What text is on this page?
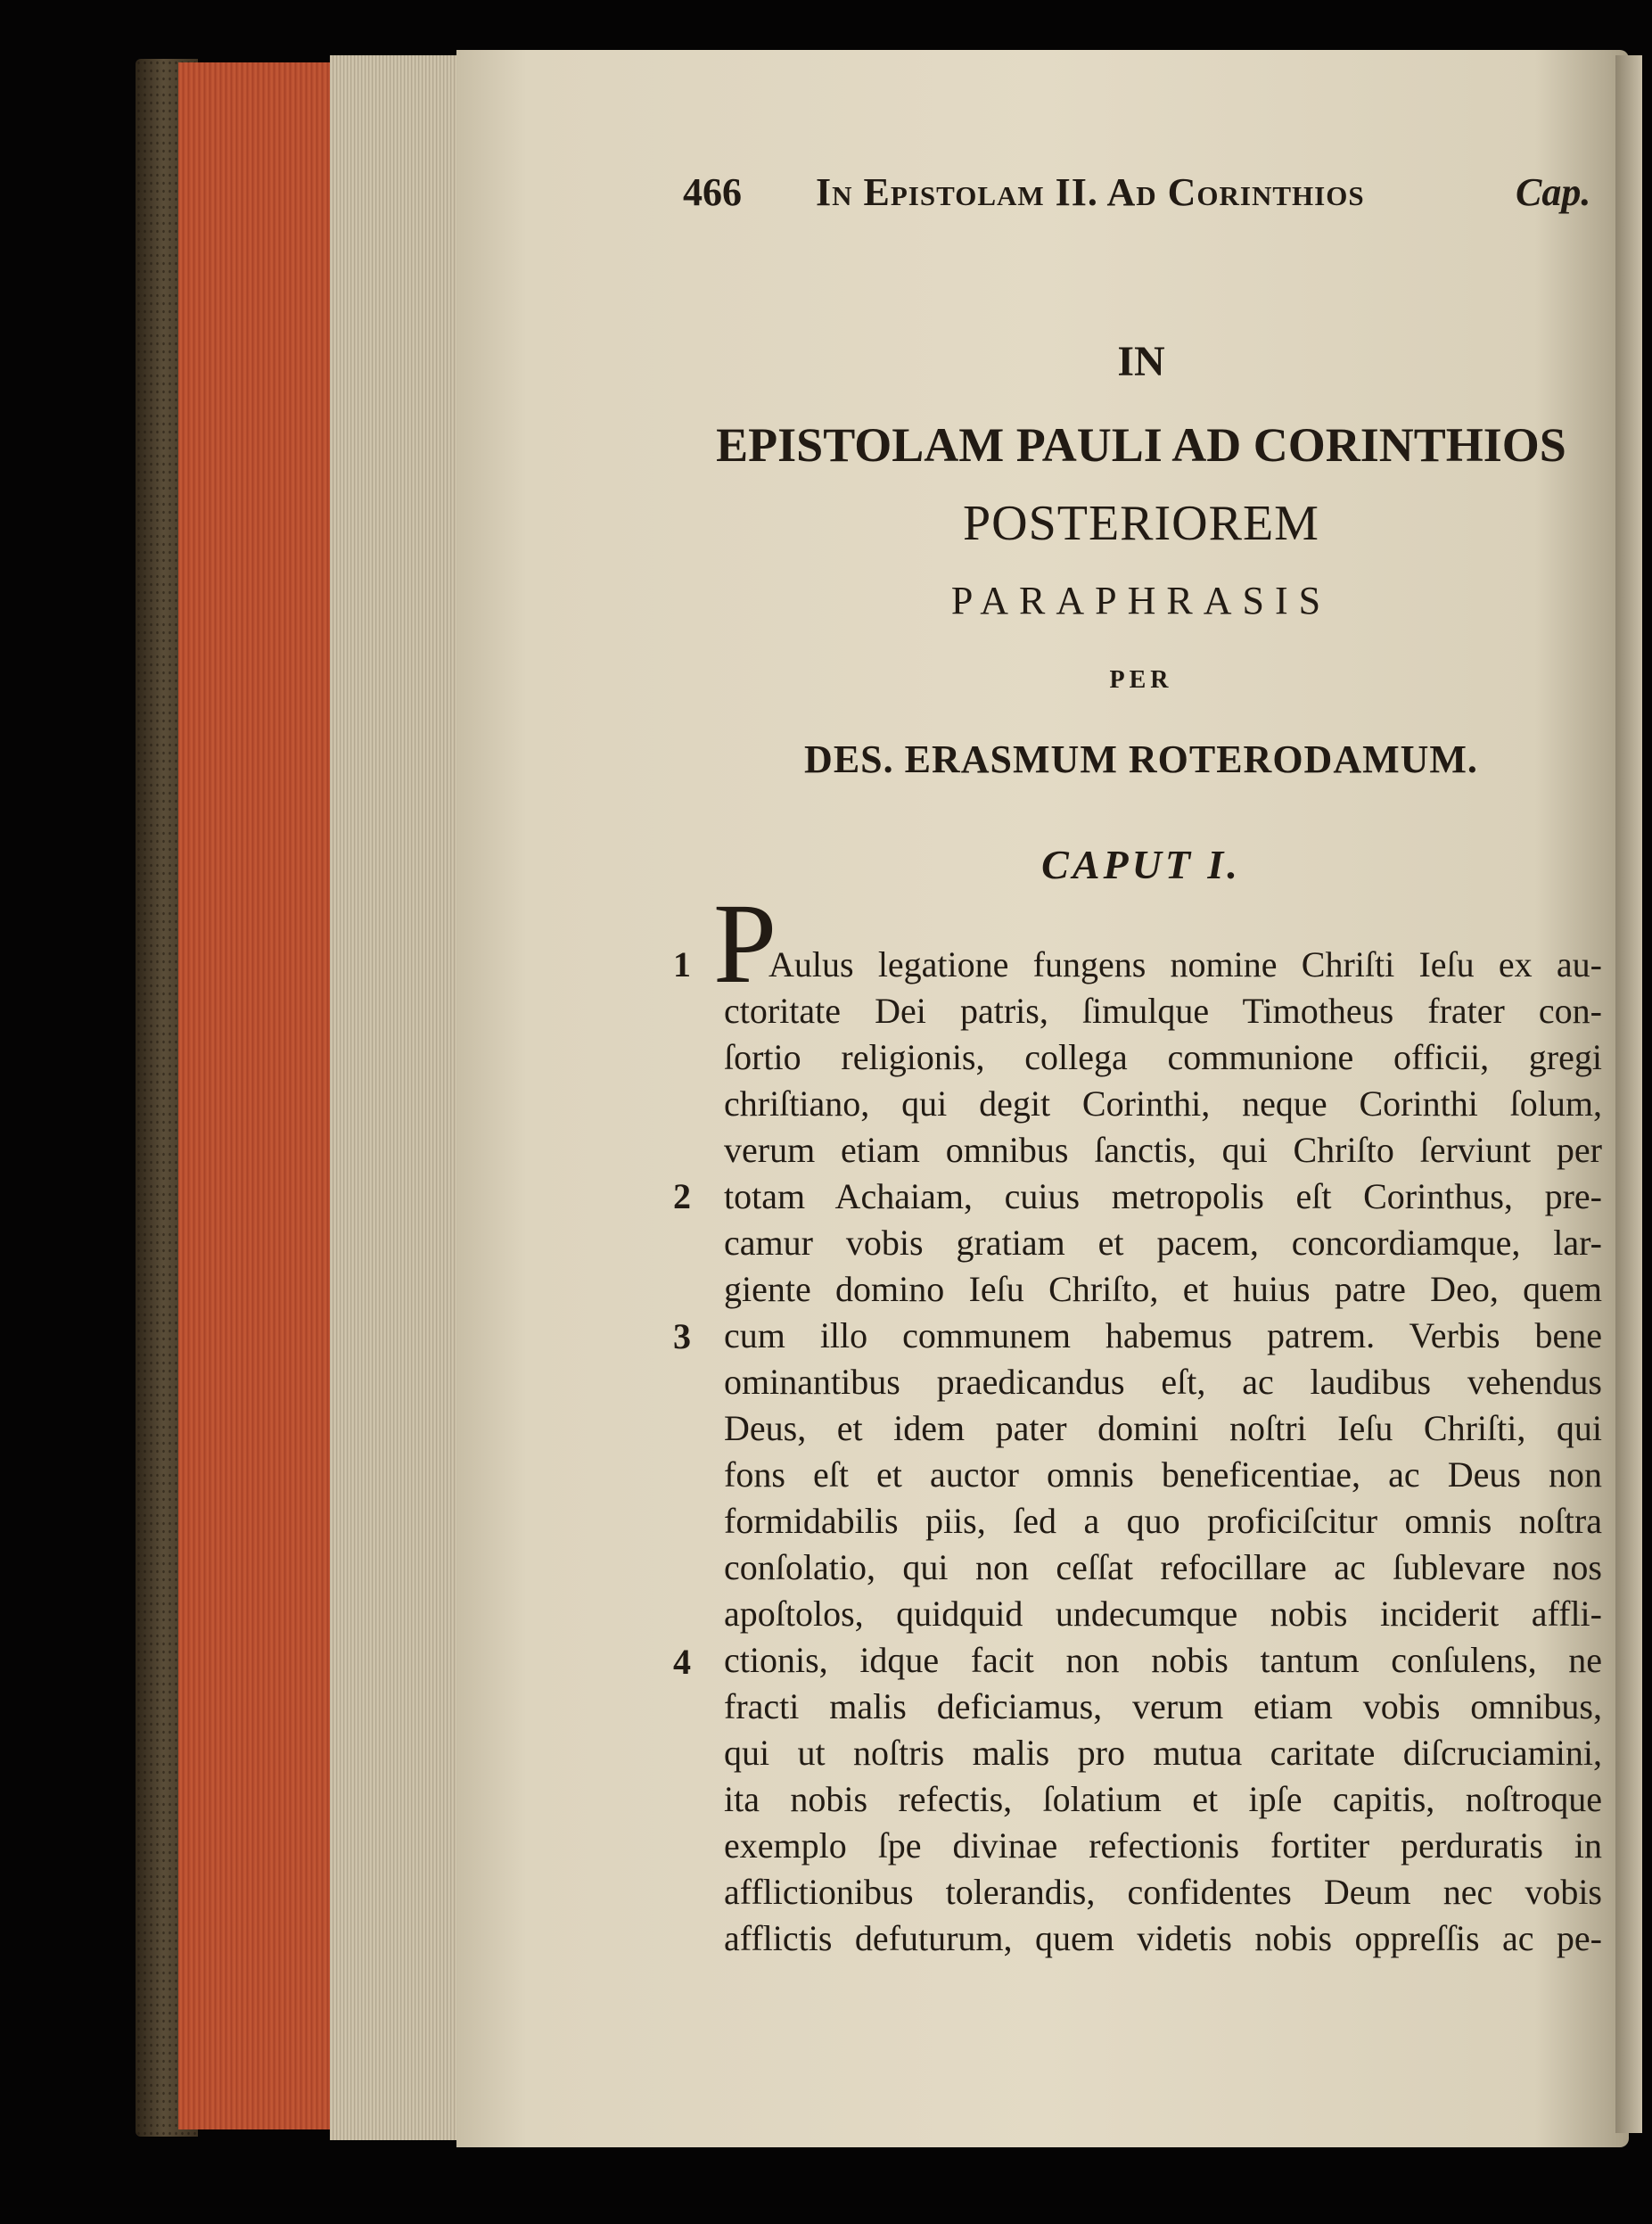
466 In Epistolam II. Ad Corinthios	Cap.
IN
EPISTOLAM PAULI AD CORINTHIOS
POSTERIOREM
PARAPHRASIS
PER
DES. ERASMUM ROTERODAMUM.
CAPUT I.
P
1
2
3
4
Aulus legatione fungens nomine Chriſti Ieſu ex au-
ctoritate Dei patris, ſimulque Timotheus frater con-
ſortio religionis, collega communione officii, gregi
chriſtiano, qui degit Corinthi, neque Corinthi ſolum,
verum etiam omnibus ſanctis, qui Chriſto ſerviunt per
totam Achaiam, cuius metropolis eſt Corinthus, pre-
camur vobis gratiam et pacem, concordiamque, lar-
giente domino Ieſu Chriſto, et huius patre Deo, quem
cum illo communem habemus patrem. Verbis bene
ominantibus praedicandus eſt, ac laudibus vehendus
Deus, et idem pater domini noſtri Ieſu Chriſti, qui
fons eſt et auctor omnis beneficentiae, ac Deus non
formidabilis piis, ſed a quo proficiſcitur omnis noſtra
conſolatio, qui non ceſſat refocillare ac ſublevare nos
apoſtolos, quidquid undecumque nobis inciderit affli-
ctionis, idque facit non nobis tantum conſulens, ne
fracti malis deficiamus, verum etiam vobis omnibus,
qui ut noſtris malis pro mutua caritate diſcruciamini,
ita nobis refectis, ſolatium et ipſe capitis, noſtroque
exemplo ſpe divinae refectionis fortiter perduratis in
afflictionibus tolerandis, confidentes Deum nec vobis
afflictis defuturum, quem videtis nobis oppreſſis ac pe-
